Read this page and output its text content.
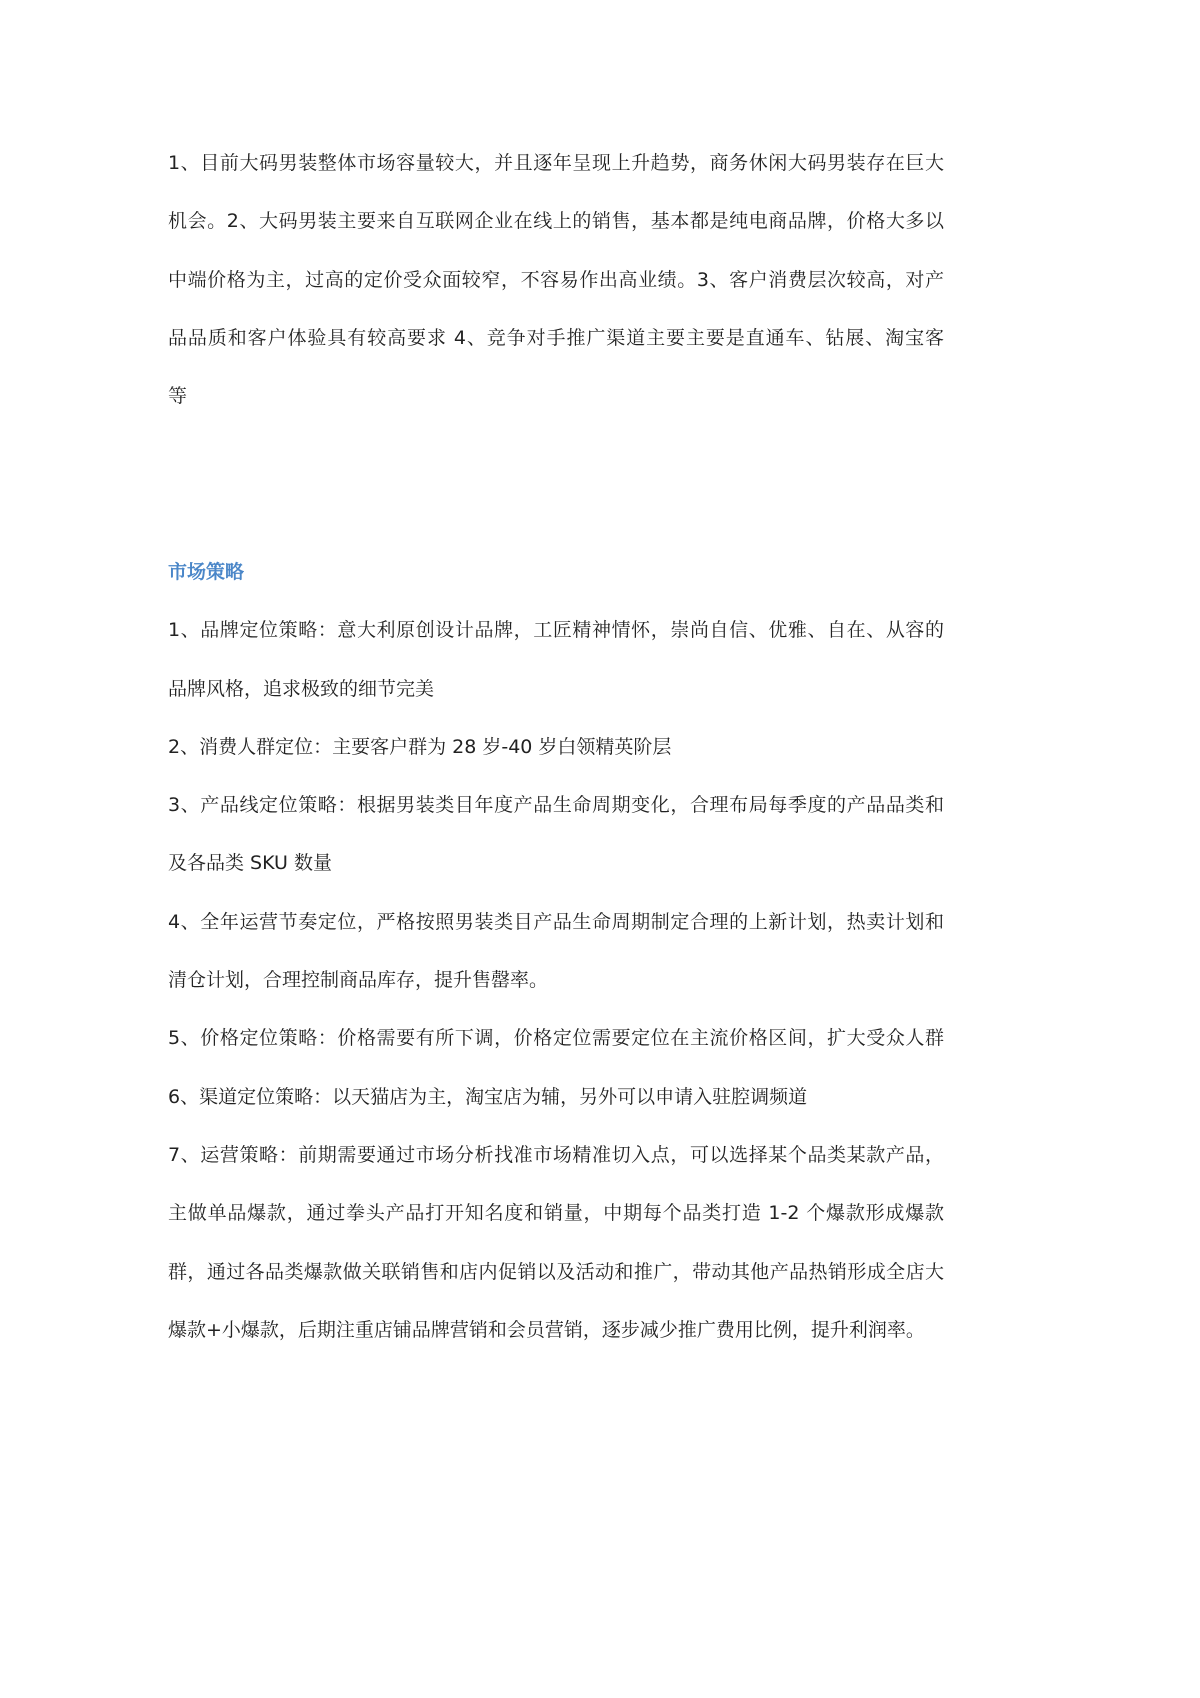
1、目前大码男装整体市场容量较大，并且逐年呈现上升趋势，商务休闲大码男装存在巨大
机会。2、大码男装主要来自互联网企业在线上的销售，基本都是纯电商品牌，价格大多以
中端价格为主，过高的定价受众面较窄，不容易作出高业绩。3、客户消费层次较高，对产
品品质和客户体验具有较高要求 4、竞争对手推广渠道主要主要是直通车、钻展、淘宝客
等
市场策略
1、品牌定位策略：意大利原创设计品牌，工匠精神情怀，崇尚自信、优雅、自在、从容的
品牌风格，追求极致的细节完美
2、消费人群定位：主要客户群为 28 岁-40 岁白领精英阶层
3、产品线定位策略：根据男装类目年度产品生命周期变化，合理布局每季度的产品品类和
及各品类 SKU 数量
4、全年运营节奏定位，严格按照男装类目产品生命周期制定合理的上新计划，热卖计划和
清仓计划，合理控制商品库存，提升售罄率。
5、价格定位策略：价格需要有所下调，价格定位需要定位在主流价格区间，扩大受众人群
6、渠道定位策略：以天猫店为主，淘宝店为辅，另外可以申请入驻腔调频道
7、运营策略：前期需要通过市场分析找准市场精准切入点，可以选择某个品类某款产品，
主做单品爆款，通过拳头产品打开知名度和销量，中期每个品类打造 1-2 个爆款形成爆款
群，通过各品类爆款做关联销售和店内促销以及活动和推广，带动其他产品热销形成全店大
爆款+小爆款，后期注重店铺品牌营销和会员营销，逐步减少推广费用比例，提升利润率。
